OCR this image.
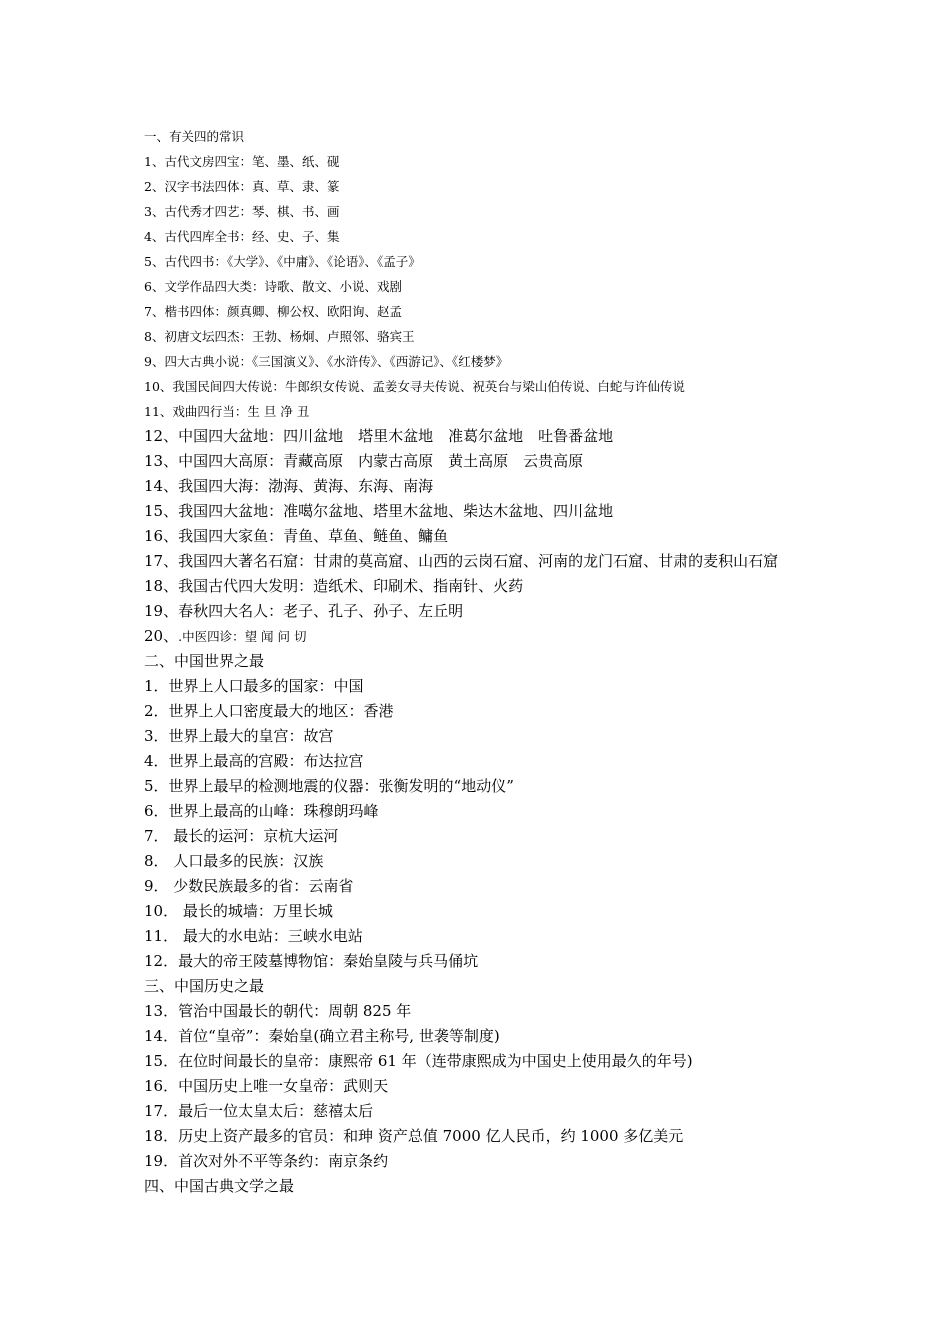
一、有关四的常识
1、古代文房四宝：笔、墨、纸、砚
2、汉字书法四体：真、草、隶、篆
3、古代秀才四艺：琴、棋、书、画
4、古代四库全书：经、史、子、集
5、古代四书：《大学》、《中庸》、《论语》、《孟子》
6、文学作品四大类：诗歌、散文、小说、戏剧
7、楷书四体：颜真卿、柳公权、欧阳询、赵孟
8、初唐文坛四杰：王勃、杨炯、卢照邻、骆宾王
9、四大古典小说：《三国演义》、《水浒传》、《西游记》、《红楼梦》
10、我国民间四大传说：牛郎织女传说、孟姜女寻夫传说、祝英台与梁山伯传说、白蛇与许仙传说
11、戏曲四行当：生 旦 净 丑
12、中国四大盆地：四川盆地　塔里木盆地　准葛尔盆地　吐鲁番盆地
13、中国四大高原：青藏高原　内蒙古高原　黄土高原　云贵高原
14、我国四大海：渤海、黄海、东海、南海
15、我国四大盆地：准噶尔盆地、塔里木盆地、柴达木盆地、四川盆地
16、我国四大家鱼：青鱼、草鱼、鲢鱼、鳙鱼
17、我国四大著名石窟：甘肃的莫高窟、山西的云岗石窟、河南的龙门石窟、甘肃的麦积山石窟
18、我国古代四大发明：造纸术、印刷术、指南针、火药
19、春秋四大名人：老子、孔子、孙子、左丘明
20、.中医四诊：望 闻 问 切
二、中国世界之最
1．世界上人口最多的国家：中国
2．世界上人口密度最大的地区：香港
3．世界上最大的皇宫：故宫
4．世界上最高的宫殿：布达拉宫
5．世界上最早的检测地震的仪器：张衡发明的“地动仪”
6．世界上最高的山峰：珠穆朗玛峰
7． 最长的运河：京杭大运河
8． 人口最多的民族：汉族
9． 少数民族最多的省：云南省
10． 最长的城墙：万里长城
11． 最大的水电站：三峡水电站
12．最大的帝王陵墓博物馆：秦始皇陵与兵马俑坑
三、中国历史之最
13．管治中国最长的朝代：周朝 825 年
14．首位“皇帝”：秦始皇(确立君主称号, 世袭等制度)
15．在位时间最长的皇帝：康熙帝 61 年（连带康熙成为中国史上使用最久的年号)
16．中国历史上唯一女皇帝：武则天
17．最后一位太皇太后：慈禧太后
18．历史上资产最多的官员：和珅 资产总值 7000 亿人民币，约 1000 多亿美元
19．首次对外不平等条约：南京条约
四、中国古典文学之最
